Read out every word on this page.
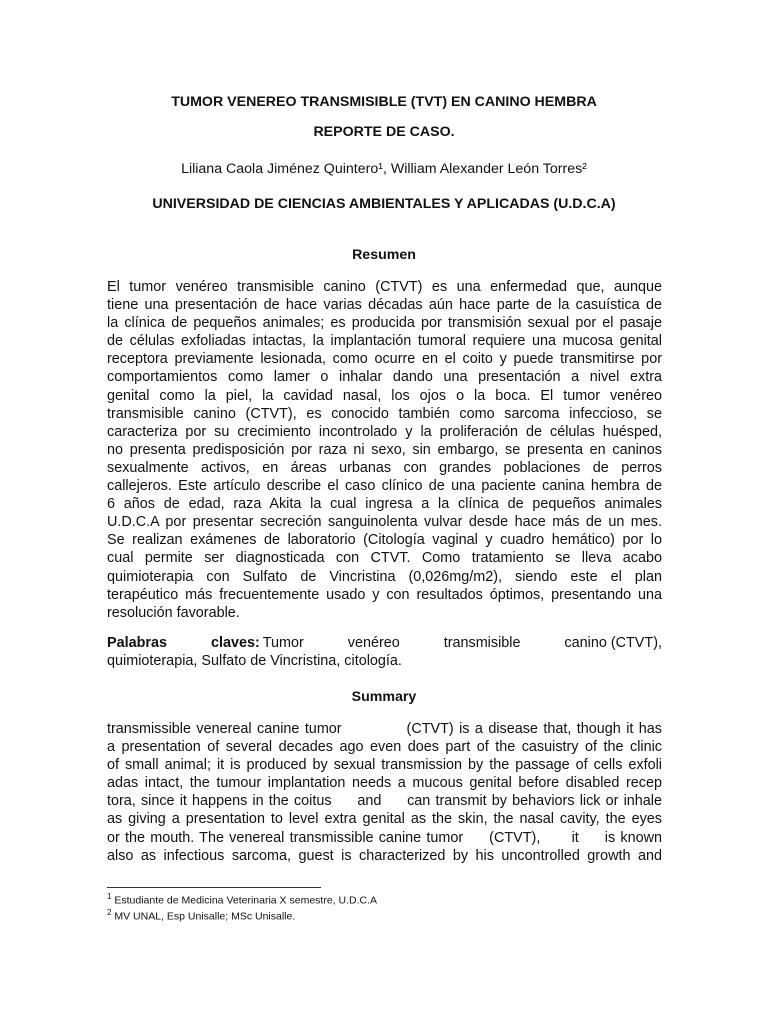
TUMOR VENEREO TRANSMISIBLE (TVT) EN CANINO HEMBRA
REPORTE DE CASO.
Liliana Caola Jiménez Quintero¹, William Alexander León Torres²
UNIVERSIDAD DE CIENCIAS AMBIENTALES Y APLICADAS (U.D.C.A)
Resumen
El tumor venéreo transmisible canino (CTVT) es una enfermedad que, aunque
tiene una presentación de hace varias décadas aún hace parte de la casuística de
la clínica de pequeños animales; es producida por transmisión sexual por el pasaje
de células exfoliadas intactas, la implantación tumoral requiere una mucosa genital
receptora previamente lesionada, como ocurre en el coito y puede transmitirse por
comportamientos como lamer o inhalar dando una presentación a nivel extra
genital como la piel, la cavidad nasal, los ojos o la boca. El tumor venéreo
transmisible canino (CTVT), es conocido también como sarcoma infeccioso, se
caracteriza por su crecimiento incontrolado y la proliferación de células huésped,
no presenta predisposición por raza ni sexo, sin embargo, se presenta en caninos
sexualmente activos, en áreas urbanas con grandes poblaciones de perros
callejeros. Este artículo describe el caso clínico de una paciente canina hembra de
6 años de edad, raza Akita la cual ingresa a la clínica de pequeños animales
U.D.C.A por presentar secreción sanguinolenta vulvar desde hace más de un mes.
Se realizan exámenes de laboratorio (Citología vaginal y cuadro hemático) por lo
cual permite ser diagnosticada con CTVT. Como tratamiento se lleva acabo
quimioterapia con Sulfato de Vincristina (0,026mg/m2), siendo este el plan
terapéutico más frecuentemente usado y con resultados óptimos, presentando una
resolución favorable.
Palabras	claves: Tumor	venéreo	transmisible	canino (CTVT),
quimioterapia, Sulfato de Vincristina, citología.
Summary
transmissible venereal canine tumor            (CTVT) is a disease that, though it has
a presentation of several decades ago even does part of the casuistry of the clinic
of small animal; it is produced by sexual transmission by the passage of cells exfoli
adas intact, the tumour implantation needs a mucous genital before disabled recep
tora, since it happens in the coitus     and     can transmit by behaviors lick or inhale
as giving a presentation to level extra genital as the skin, the nasal cavity, the eyes
or the mouth. The venereal transmissible canine tumor     (CTVT),      it     is known
also as infectious sarcoma, guest is characterized by his uncontrolled growth and
$^1$ Estudiante de Medicina Veterinaria X semestre, U.D.C.A
$^2$ MV UNAL, Esp Unisalle; MSc Unisalle.
